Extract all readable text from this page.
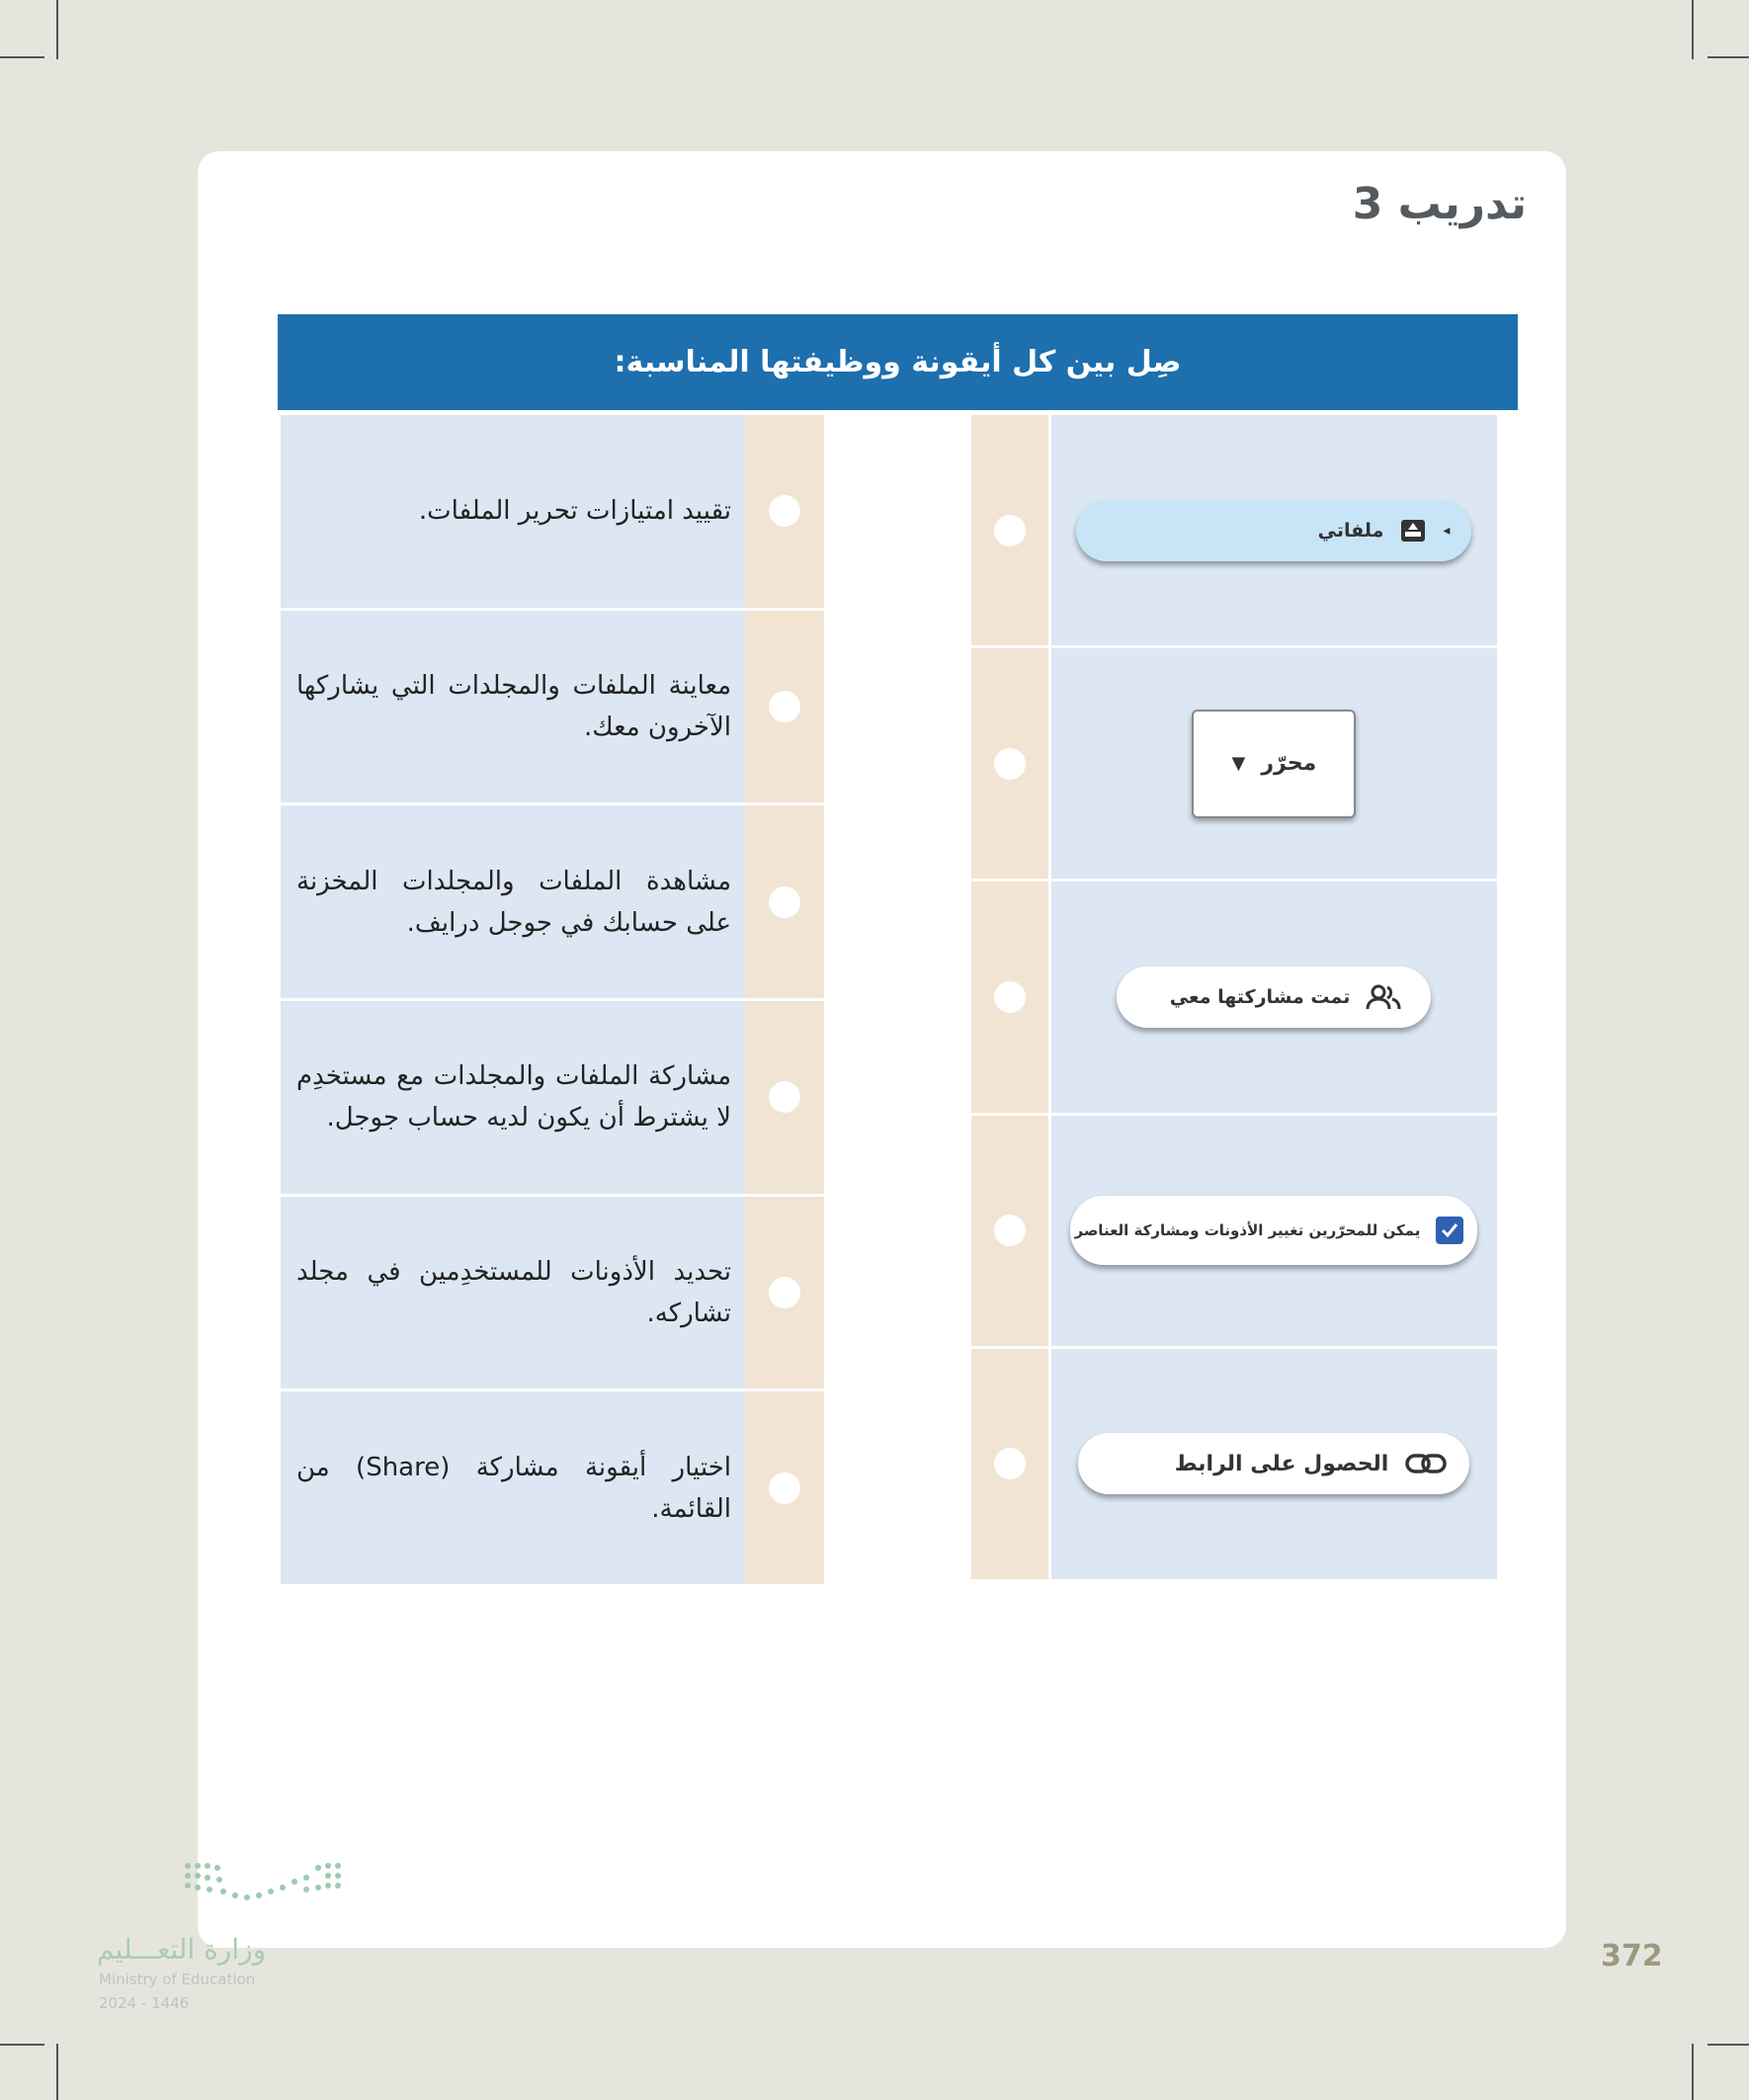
تدريب 3
صِل بين كل أيقونة ووظيفتها المناسبة:
◂
ملفاتي
محرّر
▼
تمت مشاركتها معي
يمكن للمحرّرين تغيير الأذونات ومشاركة العناصر
الحصول على الرابط
تقييد امتيازات تحرير الملفات.
معاينة الملفات والمجلدات التي يشاركها الآخرون معك.
مشاهدة الملفات والمجلدات المخزنة على حسابك في جوجل درايف.
مشاركة الملفات والمجلدات مع مستخدِم لا يشترط أن يكون لديه حساب جوجل.
تحديد الأذونات للمستخدِمين في مجلد تشاركه.
اختيار أيقونة مشاركة (Share) من القائمة.
وزارة التعـــليم
Ministry of Education
2024 - 1446
372
